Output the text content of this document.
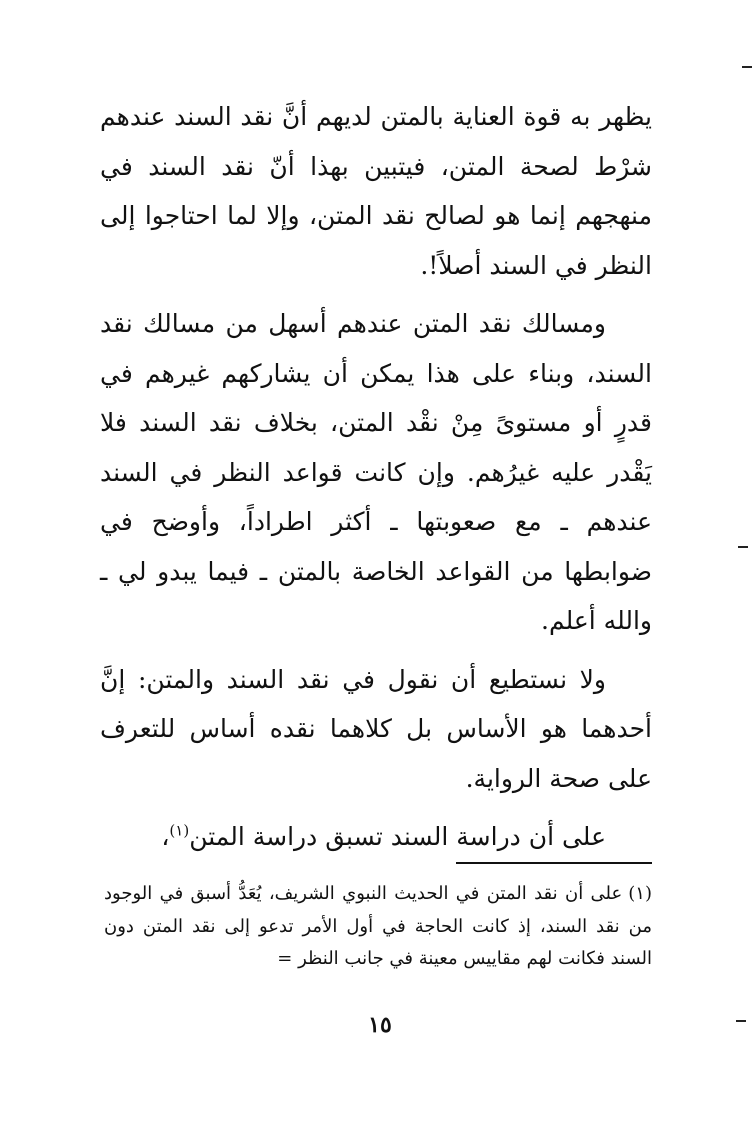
يظهر به قوة العناية بالمتن لديهم أنَّ نقد السند عندهم شرْط لصحة المتن، فيتبين بهذا أنّ نقد السند في منهجهم إنما هو لصالح نقد المتن، وإلا لما احتاجوا إلى النظر في السند أصلاً!.

ومسالك نقد المتن عندهم أسهل من مسالك نقد السند، وبناء على هذا يمكن أن يشاركهم غيرهم في قدرٍ أو مستوىً مِنْ نقْد المتن، بخلاف نقد السند فلا يَقْدر عليه غيرُهم. وإن كانت قواعد النظر في السند عندهم ـ مع صعوبتها ـ أكثر اطراداً، وأوضح في ضوابطها من القواعد الخاصة بالمتن ـ فيما يبدو لي ـ والله أعلم.

ولا نستطيع أن نقول في نقد السند والمتن: إنَّ أحدهما هو الأساس بل كلاهما نقده أساس للتعرف على صحة الرواية.

على أن دراسة السند تسبق دراسة المتن$^{(١)}$،

(١)على أن نقد المتن في الحديث النبوي الشريف، يُعَدُّ أسبق في الوجود من نقد السند، إذ كانت الحاجة في أول الأمر تدعو إلى نقد المتن دون السند فكانت لهم مقاييس معينة في جانب النظر =
١٥
